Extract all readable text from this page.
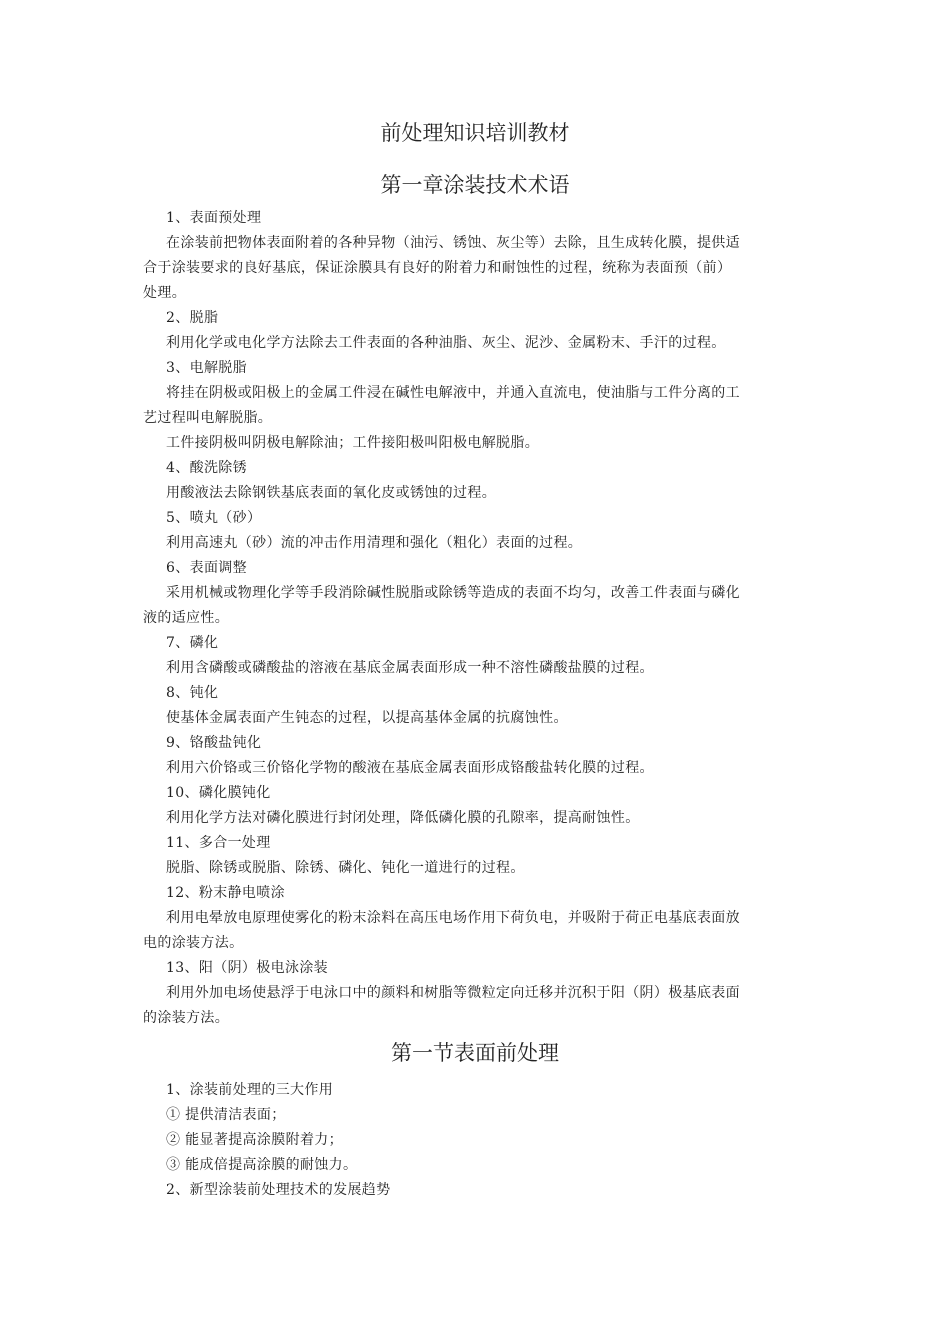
前处理知识培训教材
第一章涂装技术术语
1、表面预处理
在涂装前把物体表面附着的各种异物（油污、锈蚀、灰尘等）去除，且生成转化膜，提供适
合于涂装要求的良好基底，保证涂膜具有良好的附着力和耐蚀性的过程，统称为表面预（前）
处理。
2、脱脂
利用化学或电化学方法除去工件表面的各种油脂、灰尘、泥沙、金属粉末、手汗的过程。
3、电解脱脂
将挂在阴极或阳极上的金属工件浸在碱性电解液中，并通入直流电，使油脂与工件分离的工
艺过程叫电解脱脂。
工件接阴极叫阴极电解除油；工件接阳极叫阳极电解脱脂。
4、酸洗除锈
用酸液法去除钢铁基底表面的氧化皮或锈蚀的过程。
5、喷丸（砂）
利用高速丸（砂）流的冲击作用清理和强化（粗化）表面的过程。
6、表面调整
采用机械或物理化学等手段消除碱性脱脂或除锈等造成的表面不均匀，改善工件表面与磷化
液的适应性。
7、磷化
利用含磷酸或磷酸盐的溶液在基底金属表面形成一种不溶性磷酸盐膜的过程。
8、钝化
使基体金属表面产生钝态的过程，以提高基体金属的抗腐蚀性。
9、铬酸盐钝化
利用六价铬或三价铬化学物的酸液在基底金属表面形成铬酸盐转化膜的过程。
10、磷化膜钝化
利用化学方法对磷化膜进行封闭处理，降低磷化膜的孔隙率，提高耐蚀性。
11、多合一处理
脱脂、除锈或脱脂、除锈、磷化、钝化一道进行的过程。
12、粉末静电喷涂
利用电晕放电原理使雾化的粉末涂料在高压电场作用下荷负电，并吸附于荷正电基底表面放
电的涂装方法。
13、阳（阴）极电泳涂装
利用外加电场使悬浮于电泳口中的颜料和树脂等微粒定向迁移并沉积于阳（阴）极基底表面
的涂装方法。
第一节表面前处理
1、涂装前处理的三大作用
① 提供清洁表面；
② 能显著提高涂膜附着力；
③ 能成倍提高涂膜的耐蚀力。
2、新型涂装前处理技术的发展趋势
